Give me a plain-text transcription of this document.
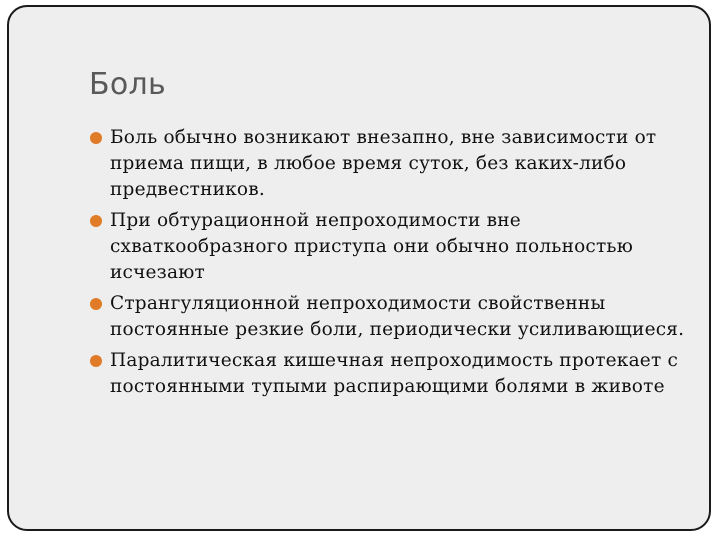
Боль
Боль обычно возникают внезапно, вне зависимости от приема пищи, в любое время суток, без каких-либо предвестников.
При обтурационной непроходимости вне схваткообразного приступа они обычно польностью исчезают
Странгуляционной непроходимости свойственны постоянные резкие боли, периодически усиливающиеся.
Паралитическая кишечная непроходимость протекает с постоянными тупыми распирающими болями в животе
